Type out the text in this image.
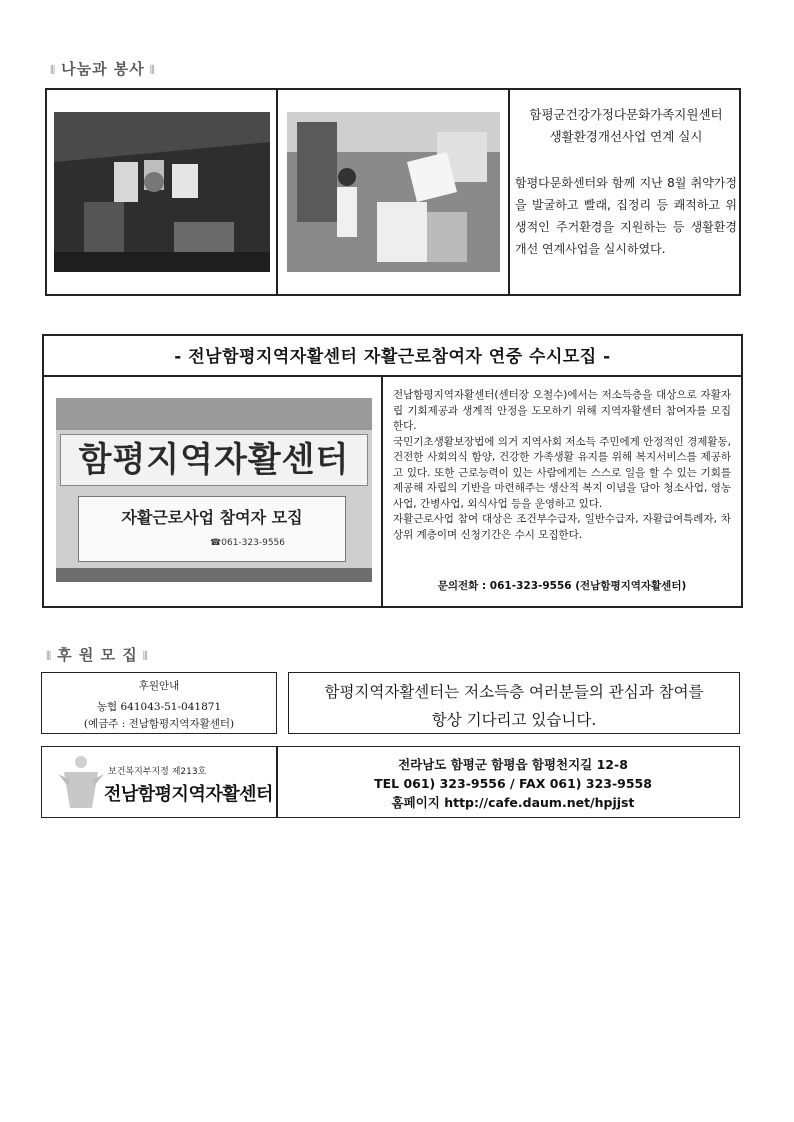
⦀ 나눔과 봉사 ⦀
함평군건강가정다문화가족지원센터
생활환경개선사업 연계 실시
함평다문화센터와 함께 지난 8월 취약가정을 발굴하고 빨래, 집정리 등 쾌적하고 위생적인 주거환경을 지원하는 등 생활환경개선 연계사업을 실시하였다.
- 전남함평지역자활센터 자활근로참여자 연중 수시모집 -
함평지역자활센터
자활근로사업 참여자 모집
☎061-323-9556
전남함평지역자활센터(센터장 오철수)에서는 저소득층을 대상으로 자활자립 기회제공과 생계적 안정을 도모하기 위해 지역자활센터 참여자를 모집한다.
국민기초생활보장법에 의거 지역사회 저소득 주민에게 안정적인 경제활동, 건전한 사회의식 함양, 건강한 가족생활 유지를 위해 복지서비스를 제공하고 있다. 또한 근로능력이 있는 사람에게는 스스로 일을 할 수 있는 기회를 제공해 자립의 기반을 마련해주는 생산적 복지 이념을 담아 청소사업, 영농사업, 간병사업, 외식사업 등을 운영하고 있다.
자활근로사업 참여 대상은 조건부수급자, 일반수급자, 자활급여특례자, 차상위 계층이며 신청기간은 수시 모집한다.
문의전화 : 061-323-9556 (전남함평지역자활센터)
⦀ 후 원 모 집 ⦀
후원안내
농협 641043-51-041871
(예금주 : 전남함평지역자활센터)
함평지역자활센터는 저소득층 여러분들의 관심과 참여를
항상 기다리고 있습니다.
보건복지부지정 제213호
전남함평지역자활센터
전라남도 함평군 함평읍 함평천지길 12-8
TEL 061) 323-9556 / FAX 061) 323-9558
홈페이지 http://cafe.daum.net/hpjjst
